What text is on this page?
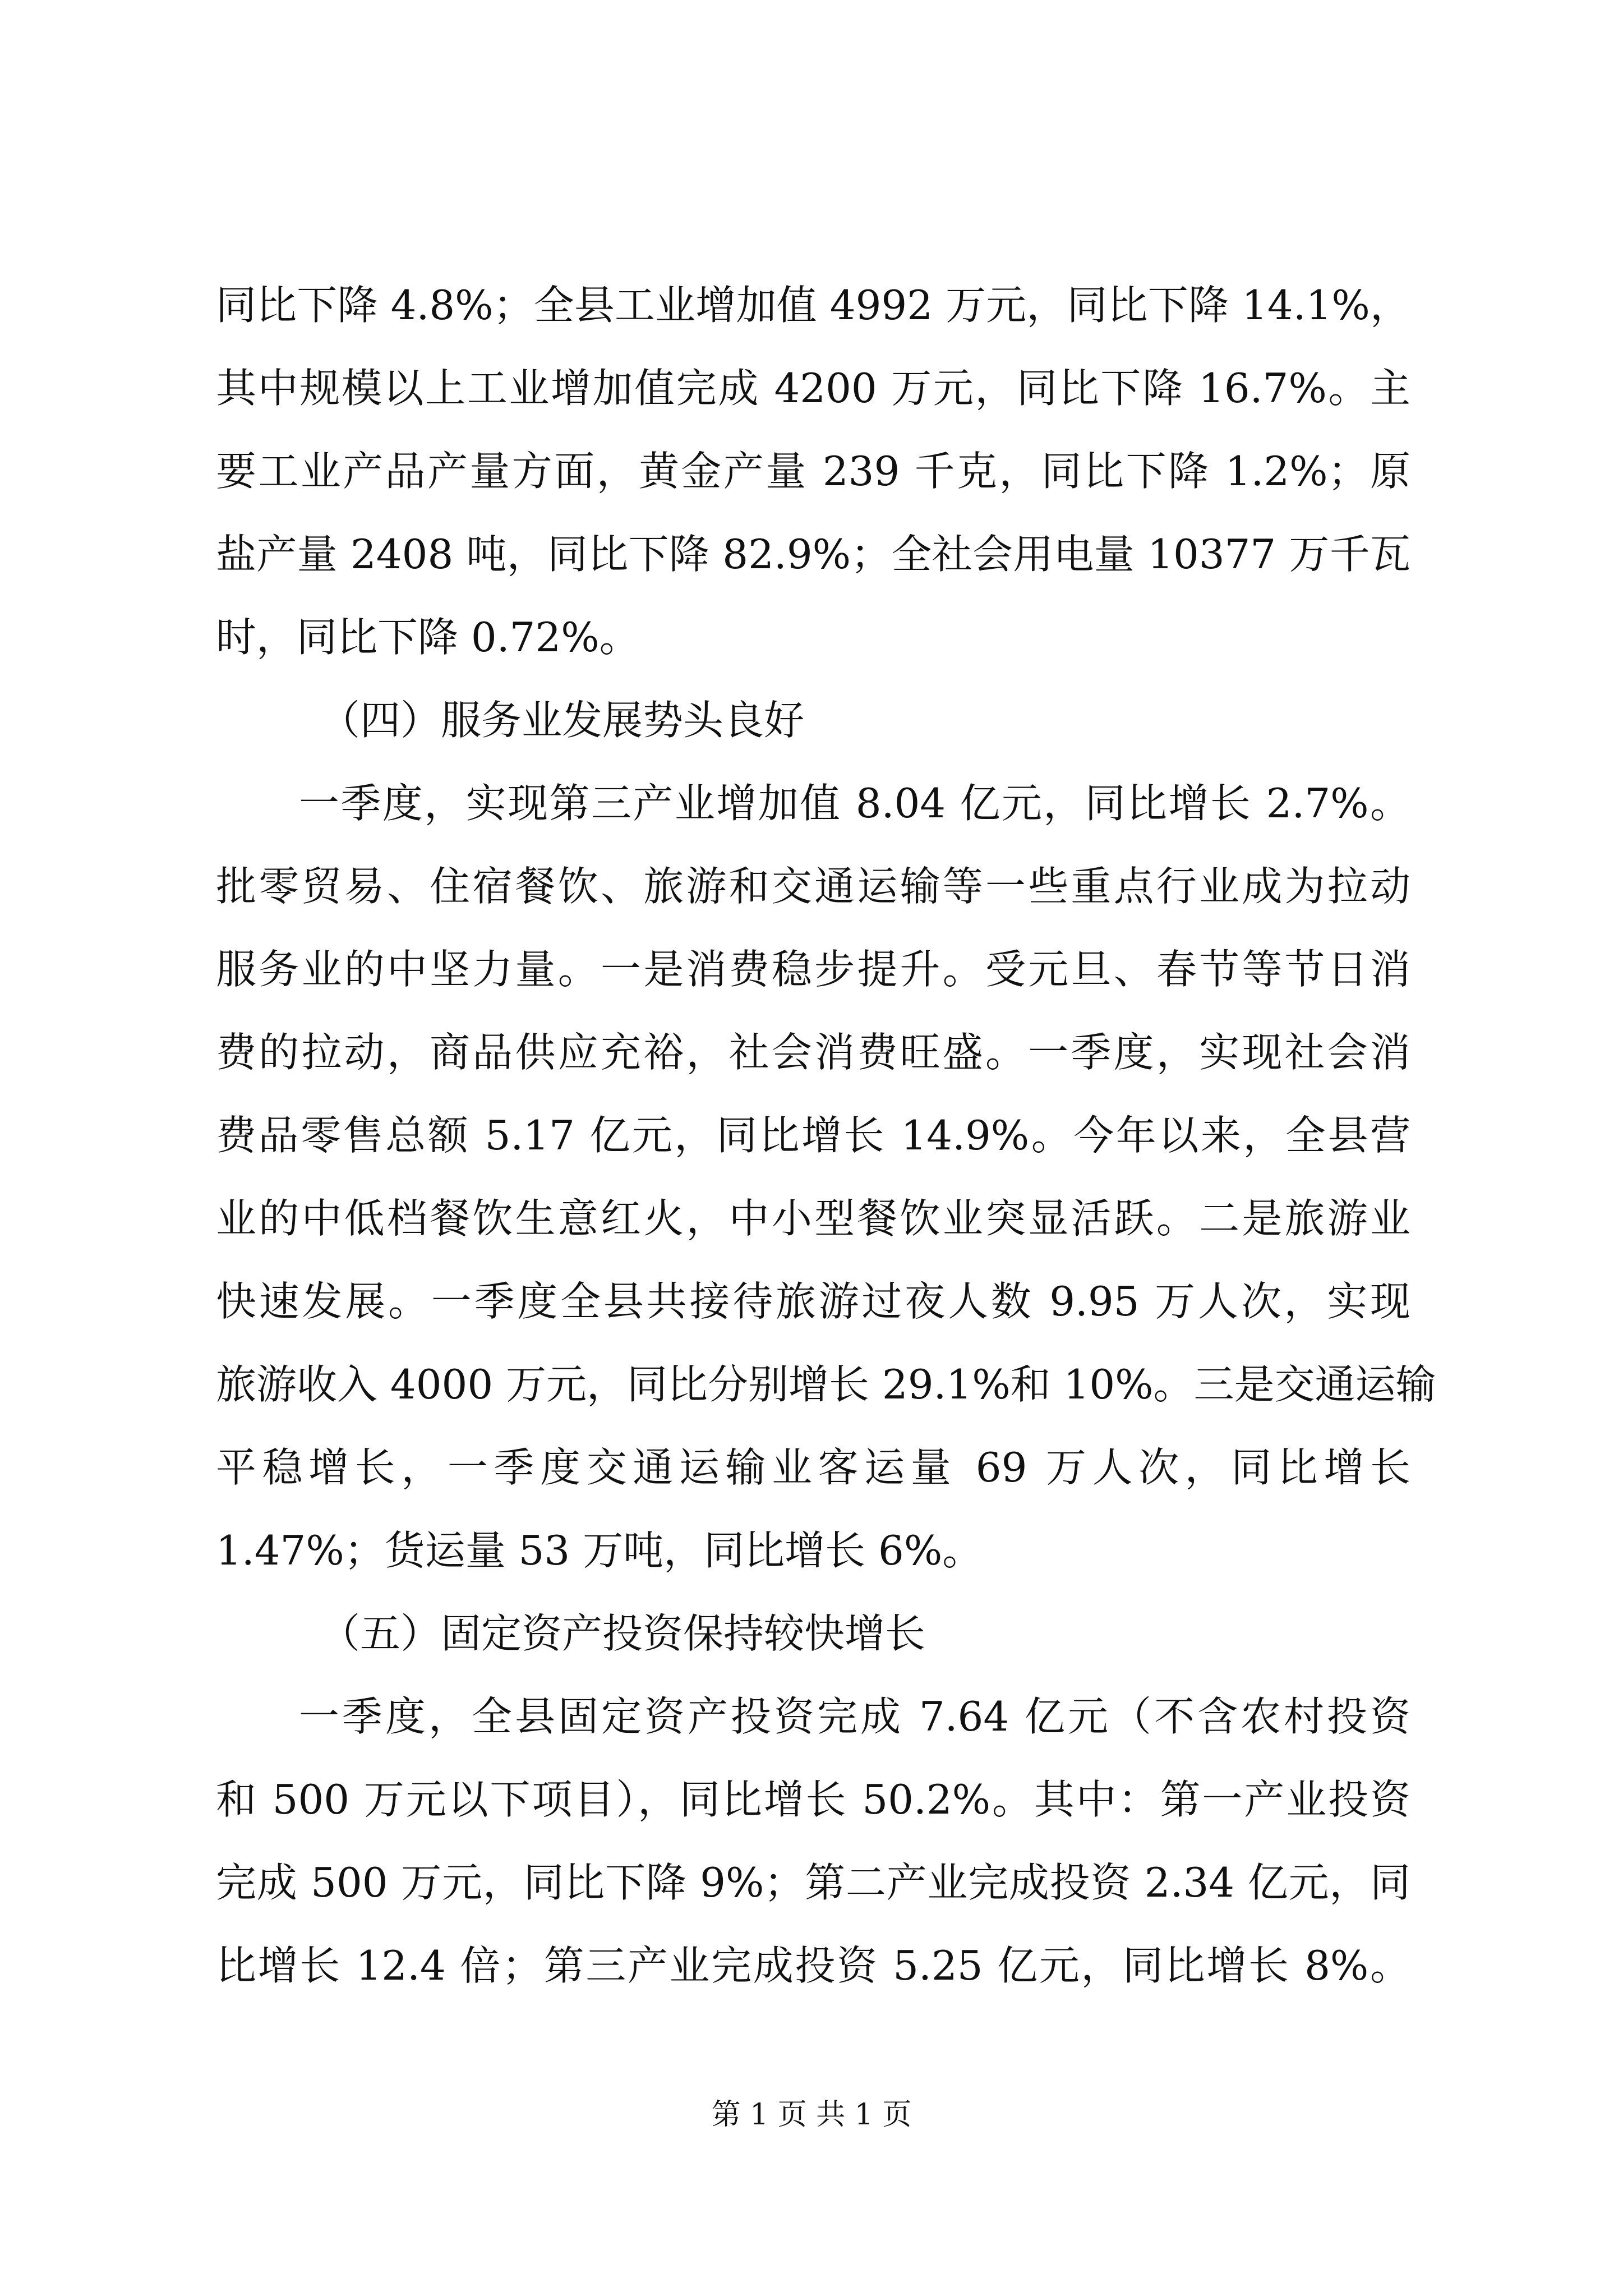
同比下降 4.8%；全县工业增加值 4992 万元，同比下降 14.1%，
其中规模以上工业增加值完成 4200 万元，同比下降 16.7%。主
要工业产品产量方面，黄金产量 239 千克，同比下降 1.2%；原
盐产量 2408 吨，同比下降 82.9%；全社会用电量 10377 万千瓦
时，同比下降 0.72%。
（四）服务业发展势头良好
一季度，实现第三产业增加值 8.04 亿元，同比增长 2.7%。
批零贸易、住宿餐饮、旅游和交通运输等一些重点行业成为拉动
服务业的中坚力量。一是消费稳步提升。受元旦、春节等节日消
费的拉动，商品供应充裕，社会消费旺盛。一季度，实现社会消
费品零售总额 5.17 亿元，同比增长 14.9%。今年以来，全县营
业的中低档餐饮生意红火，中小型餐饮业突显活跃。二是旅游业
快速发展。一季度全县共接待旅游过夜人数 9.95 万人次，实现
旅游收入 4000 万元，同比分别增长 29.1%和 10%。三是交通运输
平稳增长，一季度交通运输业客运量 69 万人次，同比增长
1.47%；货运量 53 万吨，同比增长 6%。
（五）固定资产投资保持较快增长
一季度，全县固定资产投资完成 7.64 亿元（不含农村投资
和 500 万元以下项目），同比增长 50.2%。其中：第一产业投资
完成 500 万元，同比下降 9%；第二产业完成投资 2.34 亿元，同
比增长 12.4 倍；第三产业完成投资 5.25 亿元，同比增长 8%。
第 1 页 共 1 页
